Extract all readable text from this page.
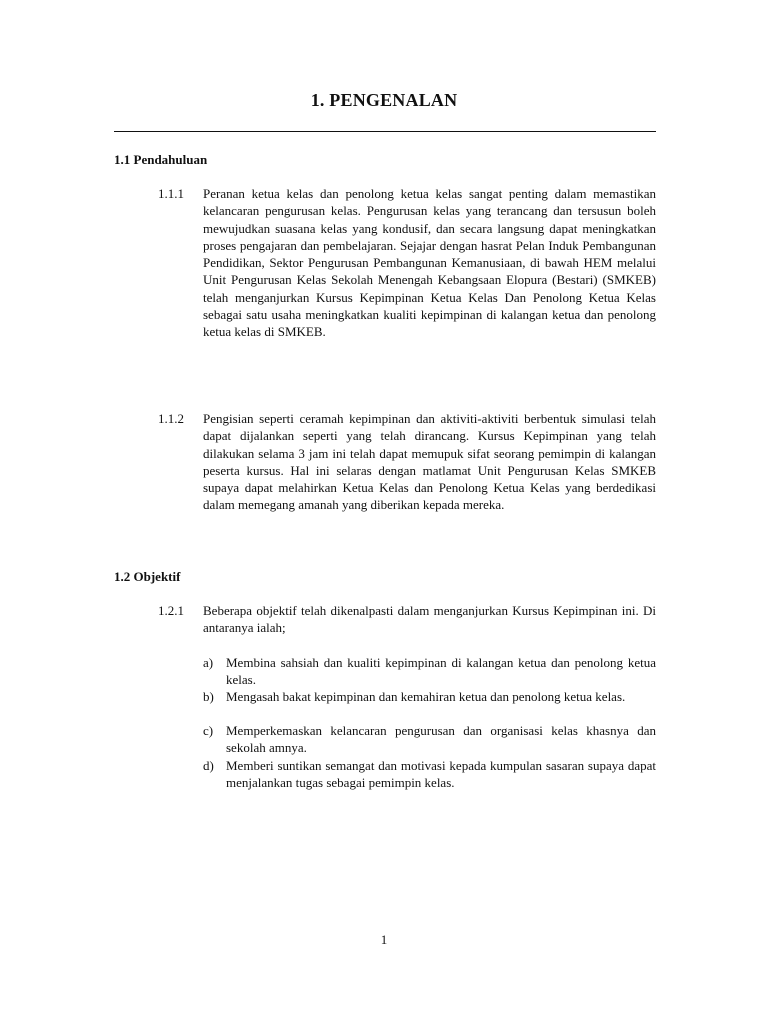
1. PENGENALAN
1.1 Pendahuluan
1.1.1 Peranan ketua kelas dan penolong ketua kelas sangat penting dalam memastikan kelancaran pengurusan kelas. Pengurusan kelas yang terancang dan tersusun boleh mewujudkan suasana kelas yang kondusif, dan secara langsung dapat meningkatkan proses pengajaran dan pembelajaran. Sejajar dengan hasrat Pelan Induk Pembangunan Pendidikan, Sektor Pengurusan Pembangunan Kemanusiaan, di bawah HEM melalui Unit Pengurusan Kelas Sekolah Menengah Kebangsaan Elopura (Bestari) (SMKEB) telah menganjurkan Kursus Kepimpinan Ketua Kelas Dan Penolong Ketua Kelas sebagai satu usaha meningkatkan kualiti kepimpinan di kalangan ketua dan penolong ketua kelas di SMKEB.
1.1.2 Pengisian seperti ceramah kepimpinan dan aktiviti-aktiviti berbentuk simulasi telah dapat dijalankan seperti yang telah dirancang. Kursus Kepimpinan yang telah dilakukan selama 3 jam ini telah dapat memupuk sifat seorang pemimpin di kalangan peserta kursus. Hal ini selaras dengan matlamat Unit Pengurusan Kelas SMKEB supaya dapat melahirkan Ketua Kelas dan Penolong Ketua Kelas yang berdedikasi dalam memegang amanah yang diberikan kepada mereka.
1.2 Objektif
1.2.1 Beberapa objektif telah dikenalpasti dalam menganjurkan Kursus Kepimpinan ini. Di antaranya ialah;
a) Membina sahsiah dan kualiti kepimpinan di kalangan ketua dan penolong ketua kelas.
b) Mengasah bakat kepimpinan dan kemahiran ketua dan penolong ketua kelas.
c) Memperkemaskan kelancaran pengurusan dan organisasi kelas khasnya dan sekolah amnya.
d) Memberi suntikan semangat dan motivasi kepada kumpulan sasaran supaya dapat menjalankan tugas sebagai pemimpin kelas.
1
